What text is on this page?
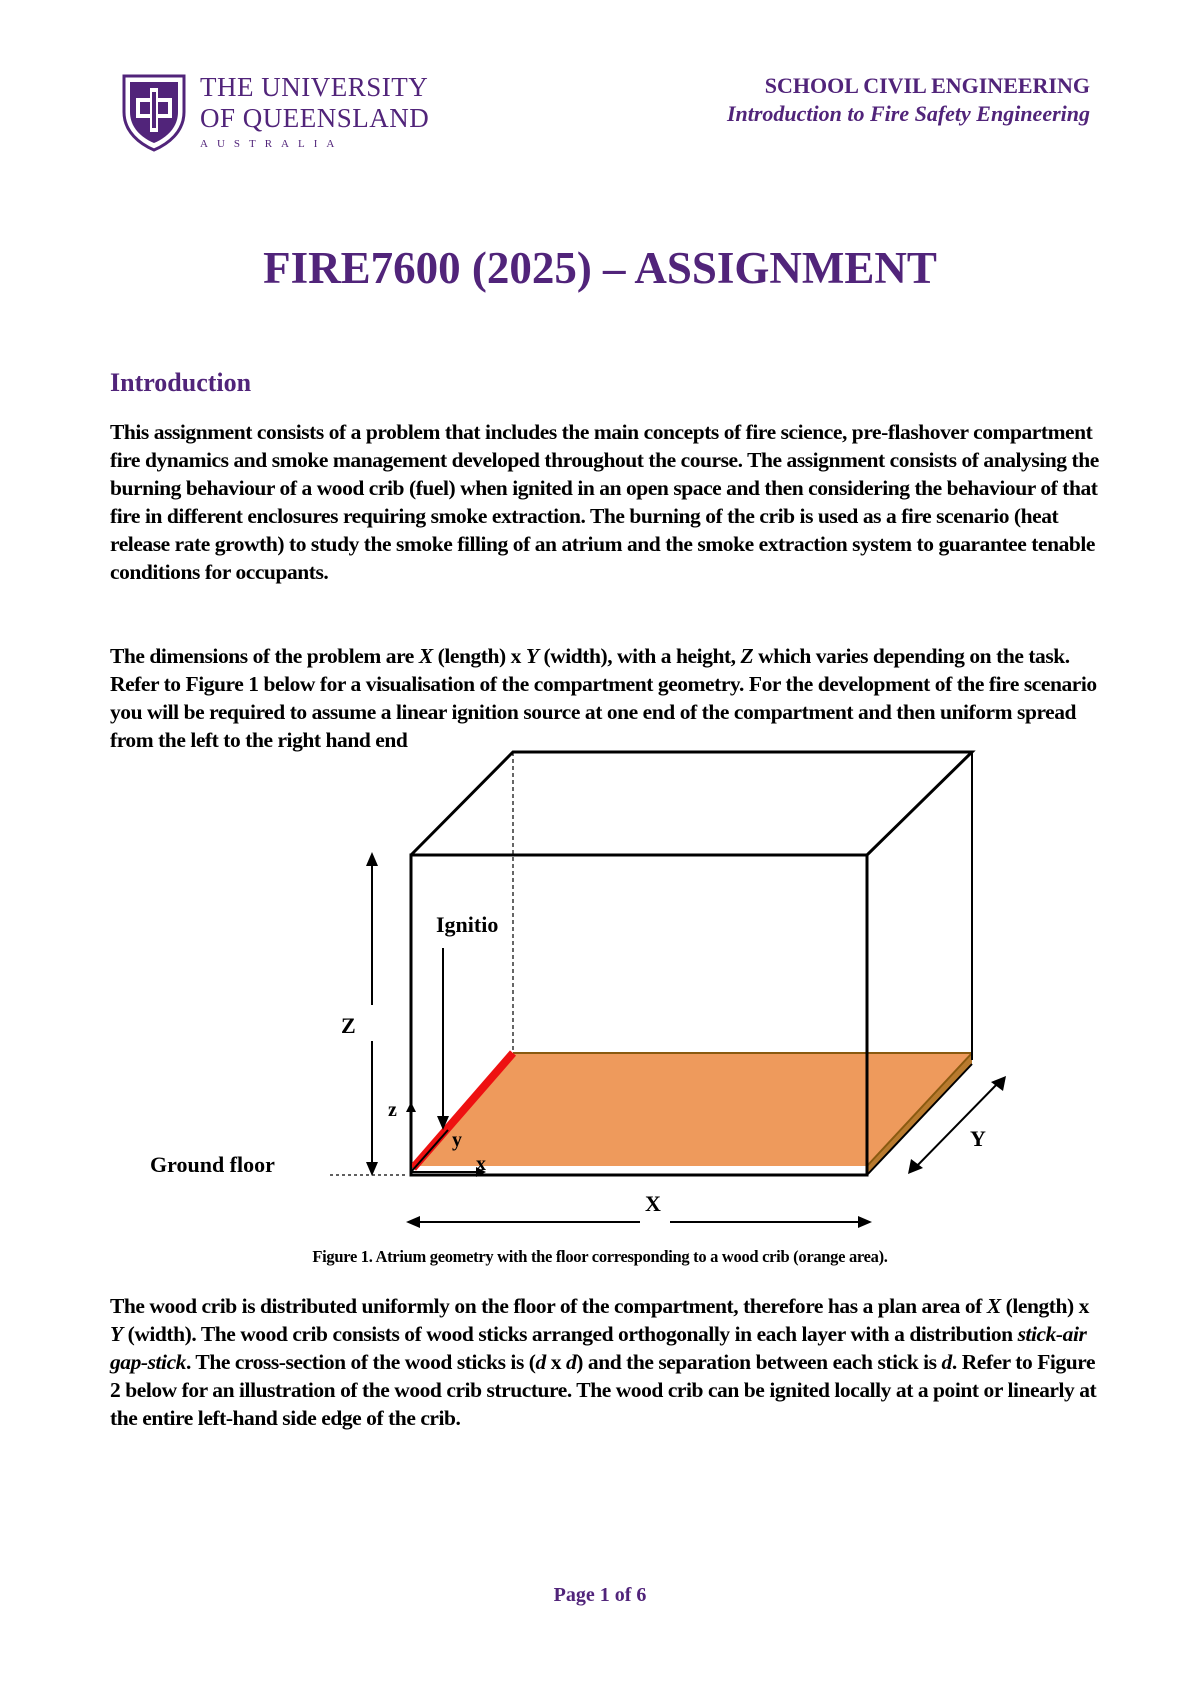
THE UNIVERSITY
OF QUEENSLAND
AUSTRALIA
SCHOOL CIVIL ENGINEERING
Introduction to Fire Safety Engineering
FIRE7600 (2025) – ASSIGNMENT
Introduction
This assignment consists of a problem that includes the main concepts of fire science, pre-flashover compartment fire dynamics and smoke management developed throughout the course. The assignment consists of analysing the burning behaviour of a wood crib (fuel) when ignited in an open space and then considering the behaviour of that fire in different enclosures requiring smoke extraction. The burning of the crib is used as a fire scenario (heat release rate growth) to study the smoke filling of an atrium and the smoke extraction system to guarantee tenable conditions for occupants.
The dimensions of the problem are X (length) x Y (width), with a height, Z which varies depending on the task. Refer to Figure 1 below for a visualisation of the compartment geometry. For the development of the fire scenario you will be required to assume a linear ignition source at one end of the compartment and then uniform spread from the left to the right hand end
Ignitio
Z
z
x
y
Ground floor
X
Y
Figure 1. Atrium geometry with the floor corresponding to a wood crib (orange area).
The wood crib is distributed uniformly on the floor of the compartment, therefore has a plan area of X (length) x Y (width). The wood crib consists of wood sticks arranged orthogonally in each layer with a distribution stick-air gap-stick. The cross-section of the wood sticks is (d x d) and the separation between each stick is d. Refer to Figure 2 below for an illustration of the wood crib structure. The wood crib can be ignited locally at a point or linearly at the entire left-hand side edge of the crib.
Page 1 of 6
